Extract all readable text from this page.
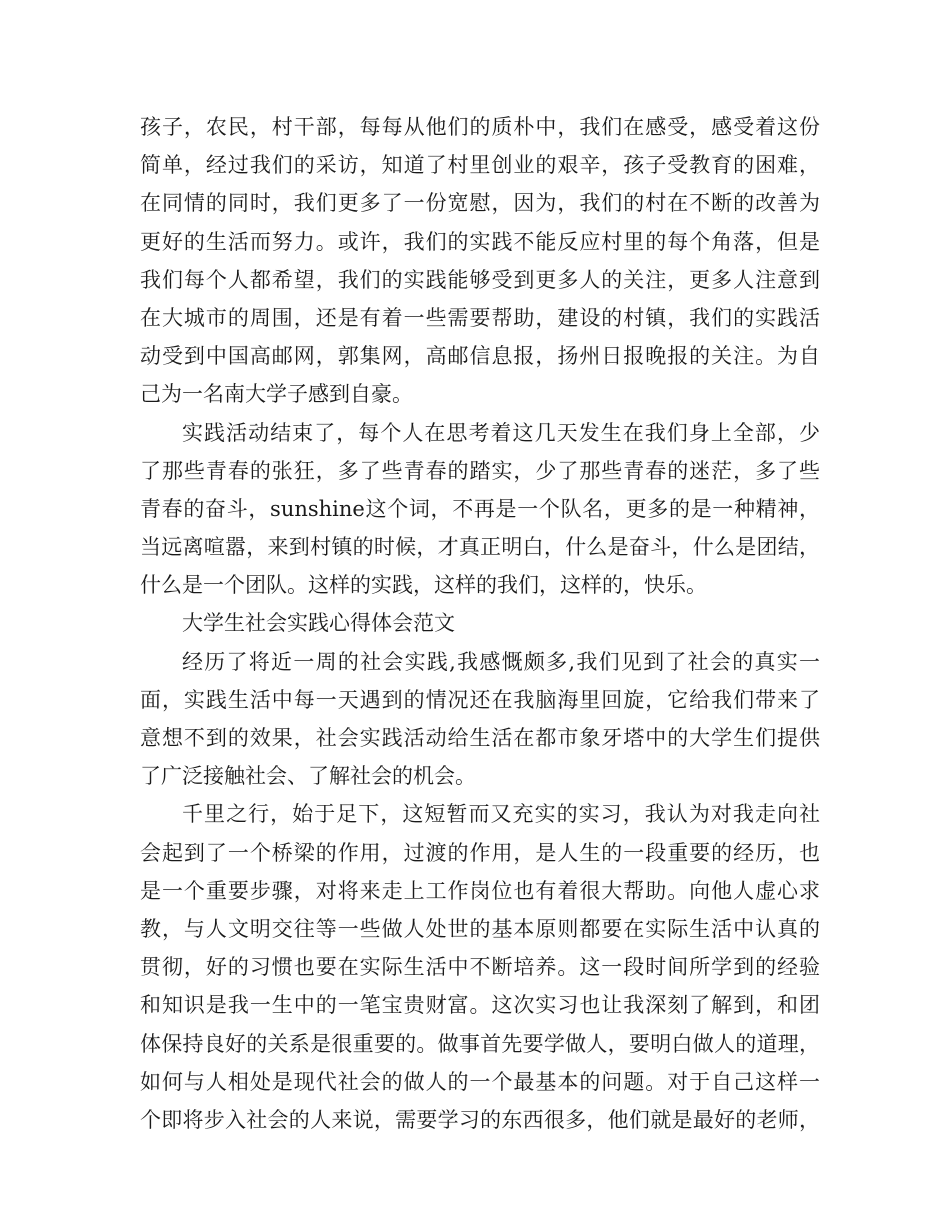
孩子，农民，村干部，每每从他们的质朴中，我们在感受，感受着这份
简单，经过我们的采访，知道了村里创业的艰辛，孩子受教育的困难，
在同情的同时，我们更多了一份宽慰，因为，我们的村在不断的改善为
更好的生活而努力。或许，我们的实践不能反应村里的每个角落，但是
我们每个人都希望，我们的实践能够受到更多人的关注，更多人注意到
在大城市的周围，还是有着一些需要帮助，建设的村镇，我们的实践活
动受到中国高邮网，郭集网，高邮信息报，扬州日报晚报的关注。为自
己为一名南大学子感到自豪。
实践活动结束了，每个人在思考着这几天发生在我们身上全部，少
了那些青春的张狂，多了些青春的踏实，少了那些青春的迷茫，多了些
青春的奋斗，sunshine这个词，不再是一个队名，更多的是一种精神，
当远离喧嚣，来到村镇的时候，才真正明白，什么是奋斗，什么是团结，
什么是一个团队。这样的实践，这样的我们，这样的，快乐。
大学生社会实践心得体会范文
经历了将近一周的社会实践,我感慨颇多,我们见到了社会的真实一
面，实践生活中每一天遇到的情况还在我脑海里回旋，它给我们带来了
意想不到的效果，社会实践活动给生活在都市象牙塔中的大学生们提供
了广泛接触社会、了解社会的机会。
千里之行，始于足下，这短暂而又充实的实习，我认为对我走向社
会起到了一个桥梁的作用，过渡的作用，是人生的一段重要的经历，也
是一个重要步骤，对将来走上工作岗位也有着很大帮助。向他人虚心求
教，与人文明交往等一些做人处世的基本原则都要在实际生活中认真的
贯彻，好的习惯也要在实际生活中不断培养。这一段时间所学到的经验
和知识是我一生中的一笔宝贵财富。这次实习也让我深刻了解到，和团
体保持良好的关系是很重要的。做事首先要学做人，要明白做人的道理，
如何与人相处是现代社会的做人的一个最基本的问题。对于自己这样一
个即将步入社会的人来说，需要学习的东西很多，他们就是最好的老师，
